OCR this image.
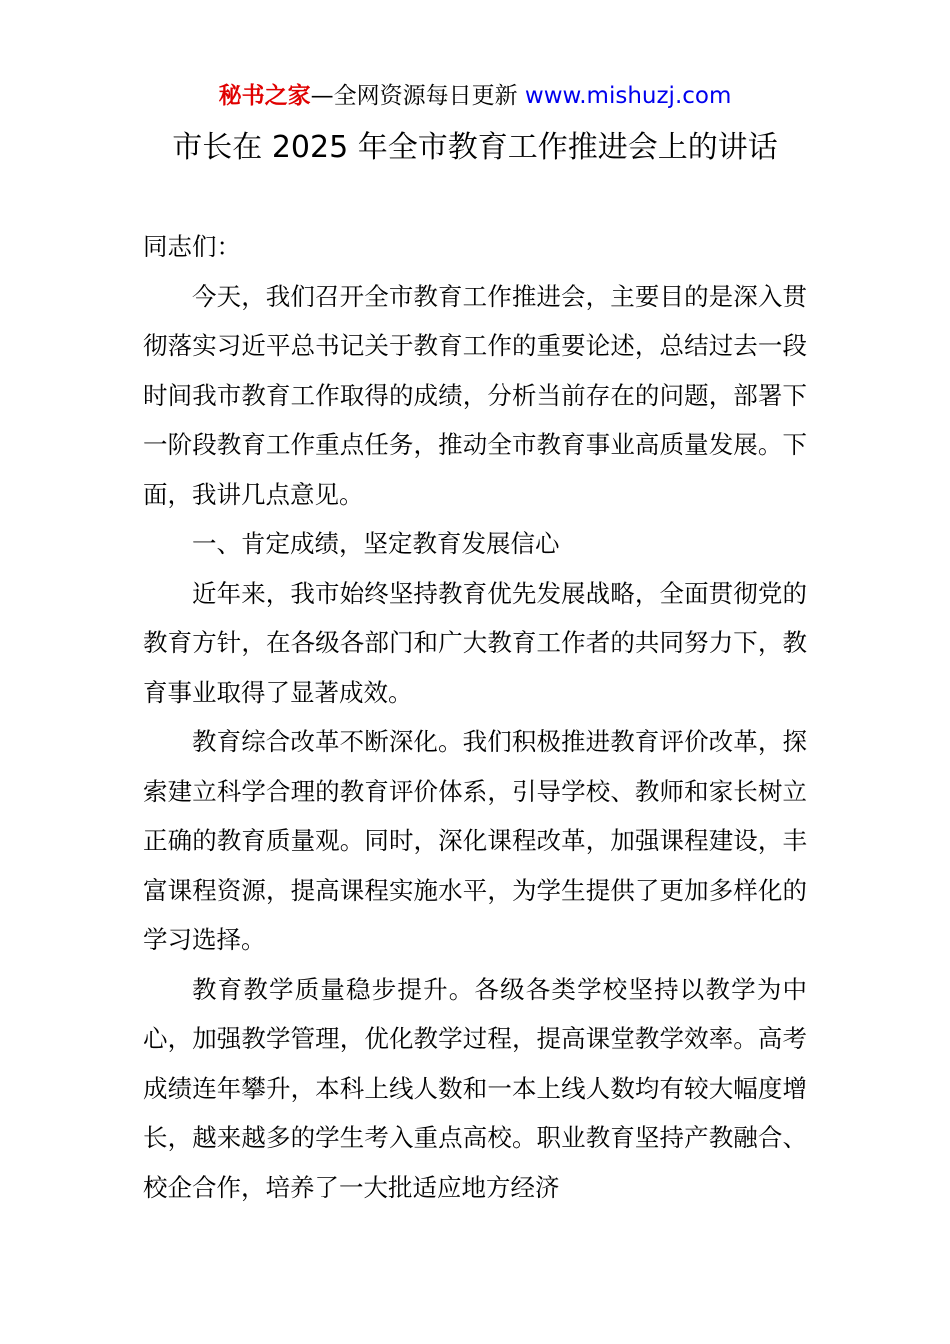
秘书之家—全网资源每日更新 www.mishuzj.com
市长在 2025 年全市教育工作推进会上的讲话

同志们：

今天，我们召开全市教育工作推进会，主要目的是深入贯彻落实习近平总书记关于教育工作的重要论述，总结过去一段时间我市教育工作取得的成绩，分析当前存在的问题，部署下一阶段教育工作重点任务，推动全市教育事业高质量发展。下面，我讲几点意见。

一、肯定成绩，坚定教育发展信心

近年来，我市始终坚持教育优先发展战略，全面贯彻党的教育方针，在各级各部门和广大教育工作者的共同努力下，教育事业取得了显著成效。

教育综合改革不断深化。我们积极推进教育评价改革，探索建立科学合理的教育评价体系，引导学校、教师和家长树立正确的教育质量观。同时，深化课程改革，加强课程建设，丰富课程资源，提高课程实施水平，为学生提供了更加多样化的学习选择。

教育教学质量稳步提升。各级各类学校坚持以教学为中心，加强教学管理，优化教学过程，提高课堂教学效率。高考成绩连年攀升，本科上线人数和一本上线人数均有较大幅度增长，越来越多的学生考入重点高校。职业教育坚持产教融合、校企合作，培养了一大批适应地方经济
